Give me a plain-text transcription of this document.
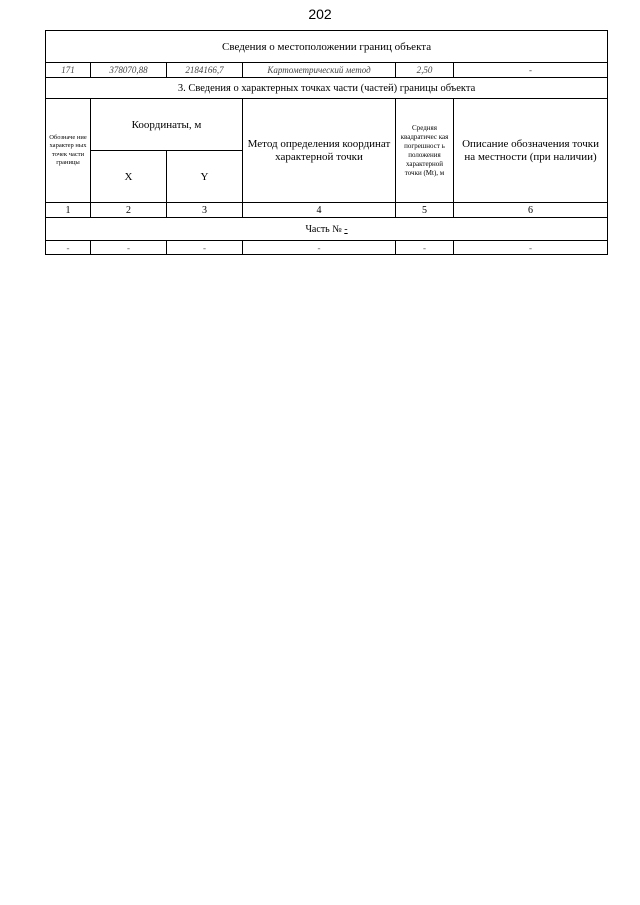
202
Сведения о местоположении границ объекта					
171	378070,88	2184166,7	Картометрический метод	2,50	-
3. Сведения о характерных точках части (частей) границы объекта					
Обозначе ние характер ных точек части границы	Координаты, м		Метод определения координат характерной точки	Средняя квадратичес кая погрешност ь положения характерной точки (Mt), м	Описание обозначения точки на местности (при наличии)
	X	Y			
1	2	3	4	5	6
Часть № -					
-	-	-	-	-	-
